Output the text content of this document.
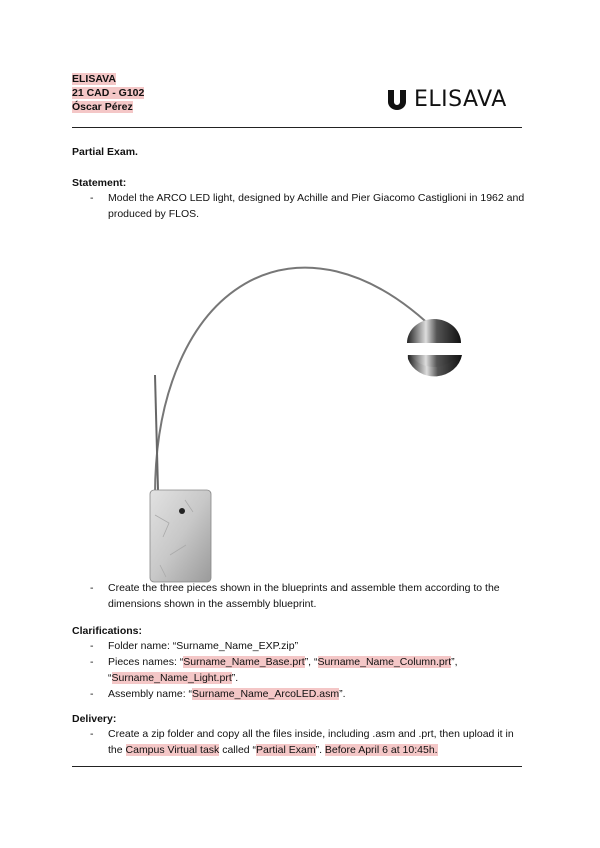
ELISAVA
21 CAD - G102
Óscar Pérez	ELISAVA
Partial Exam.
Statement:
- Model the ARCO LED light, designed by Achille and Pier Giacomo Castiglioni in 1962 and produced by FLOS.
- Create the three pieces shown in the blueprints and assemble them according to the dimensions shown in the assembly blueprint.
Clarifications:
- Folder name: “Surname_Name_EXP.zip”
- Pieces names: “Surname_Name_Base.prt”, “Surname_Name_Column.prt”,
“Surname_Name_Light.prt”.
- Assembly name: “Surname_Name_ArcoLED.asm”.
Delivery:
- Create a zip folder and copy all the files inside, including .asm and .prt, then upload it in the Campus Virtual task called “Partial Exam”. Before April 6 at 10:45h.
